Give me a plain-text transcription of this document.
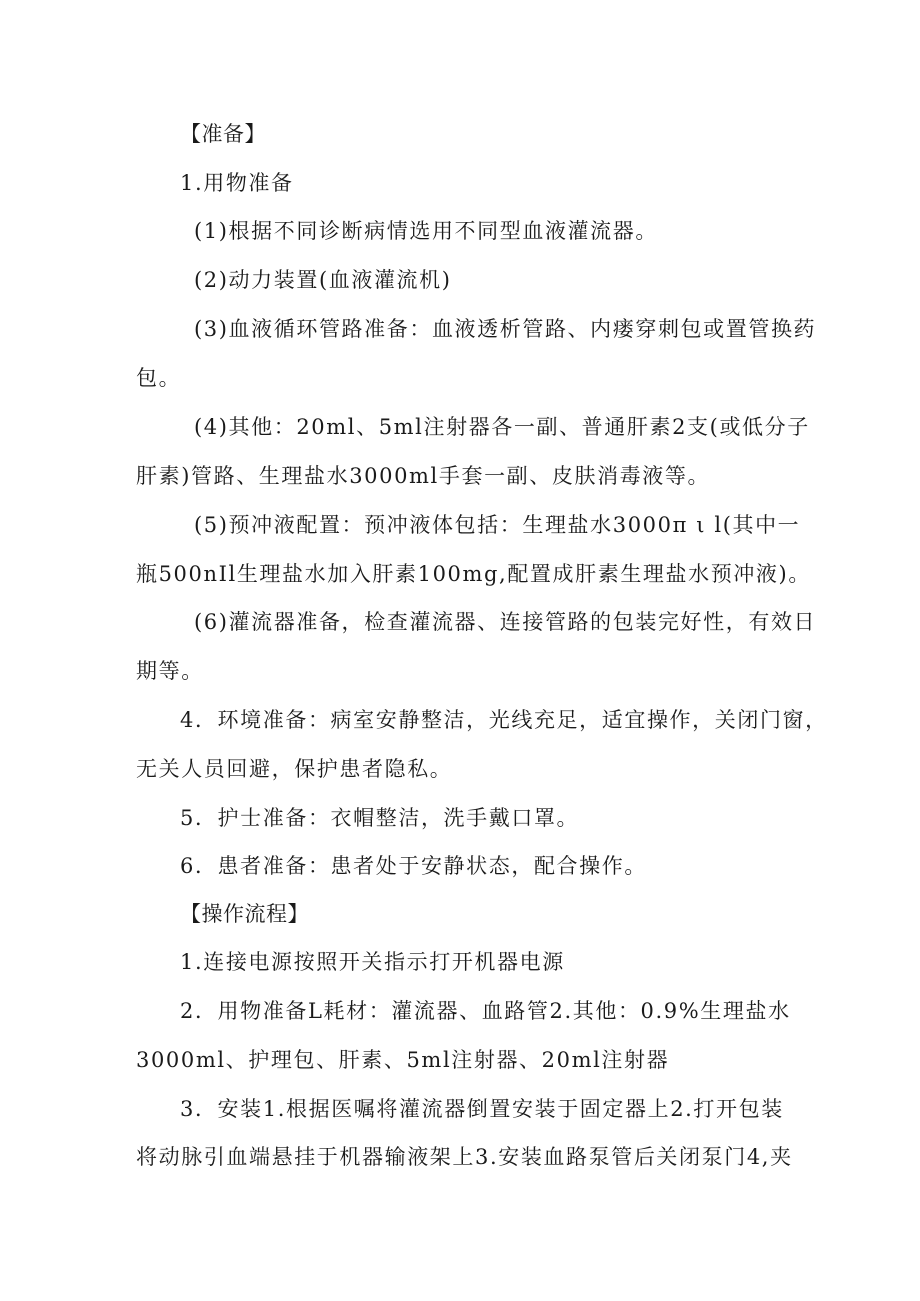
【准备】
1.用物准备
(1)根据不同诊断病情选用不同型血液灌流器。
(2)动力装置(血液灌流机)
(3)血液循环管路准备：血液透析管路、内瘘穿刺包或置管换药
包。
(4)其他：20ml、5ml注射器各一副、普通肝素2支(或低分子
肝素)管路、生理盐水3000ml手套一副、皮肤消毒液等。
(5)预冲液配置：预冲液体包括：生理盐水3000π ι l(其中一
瓶500nIl生理盐水加入肝素100mg,配置成肝素生理盐水预冲液)。
(6)灌流器准备，检查灌流器、连接管路的包装完好性，有效日
期等。
4．环境准备：病室安静整洁，光线充足，适宜操作，关闭门窗，
无关人员回避，保护患者隐私。
5．护士准备：衣帽整洁，洗手戴口罩。
6．患者准备：患者处于安静状态，配合操作。
【操作流程】
1.连接电源按照开关指示打开机器电源
2．用物准备L耗材：灌流器、血路管2.其他：0.9%生理盐水
3000ml、护理包、肝素、5ml注射器、20ml注射器
3．安装1.根据医嘱将灌流器倒置安装于固定器上2.打开包装
将动脉引血端悬挂于机器输液架上3.安装血路泵管后关闭泵门4,夹
